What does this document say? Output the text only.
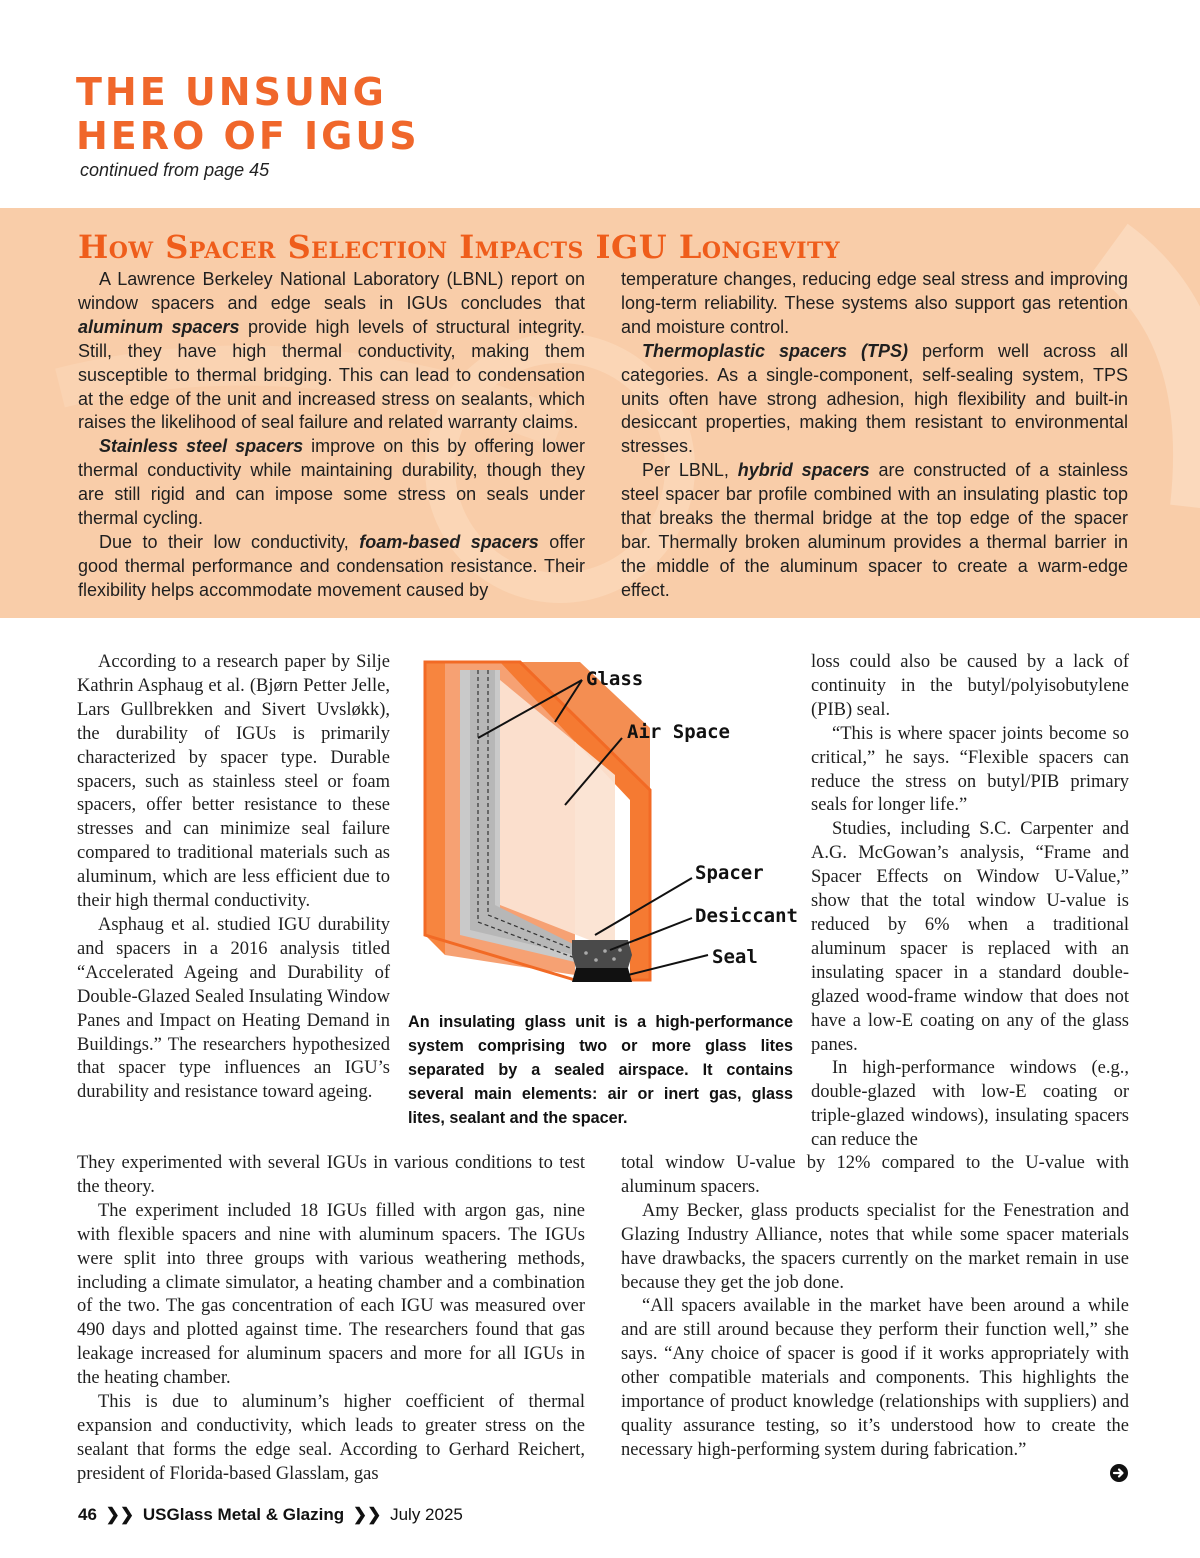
THE UNSUNG
HERO OF IGUS
continued from page 45
How Spacer Selection Impacts IGU Longevity

A Lawrence Berkeley National Laboratory (LBNL) report on window spacers and edge seals in IGUs concludes that aluminum spacers provide high levels of structural integrity. Still, they have high thermal conductivity, making them susceptible to thermal bridging. This can lead to condensation at the edge of the unit and increased stress on sealants, which raises the likelihood of seal failure and related warranty claims.

Stainless steel spacers improve on this by offering lower thermal conductivity while maintaining durability, though they are still rigid and can impose some stress on seals under thermal cycling.

Due to their low conductivity, foam-based spacers offer good thermal performance and condensation resistance. Their flexibility helps accommodate movement caused by

temperature changes, reducing edge seal stress and improving long-term reliability. These systems also support gas retention and moisture control.

Thermoplastic spacers (TPS) perform well across all categories. As a single-component, self-sealing system, TPS units often have strong adhesion, high flexibility and built-in desiccant properties, making them resistant to environmental stresses.

Per LBNL, hybrid spacers are constructed of a stainless steel spacer bar profile combined with an insulating plastic top that breaks the thermal bridge at the top edge of the spacer bar. Thermally broken aluminum provides a thermal barrier in the middle of the aluminum spacer to create a warm-edge effect.

According to a research paper by Silje Kathrin Asphaug et al. (Bjørn Petter Jelle, Lars Gullbrekken and Sivert Uvsløkk), the durability of IGUs is primarily characterized by spacer type. Durable spacers, such as stainless steel or foam spacers, offer better resistance to these stresses and can minimize seal failure compared to traditional materials such as aluminum, which are less efficient due to their high thermal conductivity.

Asphaug et al. studied IGU durability and spacers in a 2016 analysis titled “Accelerated Ageing and Durability of Double-Glazed Sealed Insulating Window Panes and Impact on Heating Demand in Buildings.” The researchers hypothesized that spacer type influences an IGU’s durability and resistance toward ageing.

They experimented with several IGUs in various conditions to test the theory.

The experiment included 18 IGUs filled with argon gas, nine with flexible spacers and nine with aluminum spacers. The IGUs were split into three groups with various weathering methods, including a climate simulator, a heating chamber and a combination of the two. The gas concentration of each IGU was measured over 490 days and plotted against time. The researchers found that gas leakage increased for aluminum spacers and more for all IGUs in the heating chamber.

This is due to aluminum’s higher coefficient of thermal expansion and conductivity, which leads to greater stress on the sealant that forms the edge seal. According to Gerhard Reichert, president of Florida-based Glasslam, gas

loss could also be caused by a lack of continuity in the butyl/polyisobutylene (PIB) seal.

“This is where spacer joints become so critical,” he says. “Flexible spacers can reduce the stress on butyl/PIB primary seals for longer life.”

Studies, including S.C. Carpenter and A.G. McGowan’s analysis, “Frame and Spacer Effects on Window U-Value,” show that the total window U-value is reduced by 6% when a traditional aluminum spacer is replaced with an insulating spacer in a standard double-glazed wood-frame window that does not have a low-E coating on any of the glass panes.

In high-performance windows (e.g., double-glazed with low-E coating or triple-glazed windows), insulating spacers can reduce the

total window U-value by 12% compared to the U-value with aluminum spacers.

Amy Becker, glass products specialist for the Fenestration and Glazing Industry Alliance, notes that while some spacer materials have drawbacks, the spacers currently on the market remain in use because they get the job done.

“All spacers available in the market have been around a while and are still around because they perform their function well,” she says. “Any choice of spacer is good if it works appropriately with other compatible materials and components. This highlights the importance of product knowledge (relationships with suppliers) and quality assurance testing, so it’s understood how to create the necessary high-performing system during fabrication.”

Glass
Air Space
Spacer
Desiccant
Seal
An insulating glass unit is a high-performance system comprising two or more glass lites separated by a sealed airspace. It contains several main elements: air or inert gas, glass lites, sealant and the spacer.
46 ❯❯ USGlass Metal & Glazing ❯❯ July 2025
